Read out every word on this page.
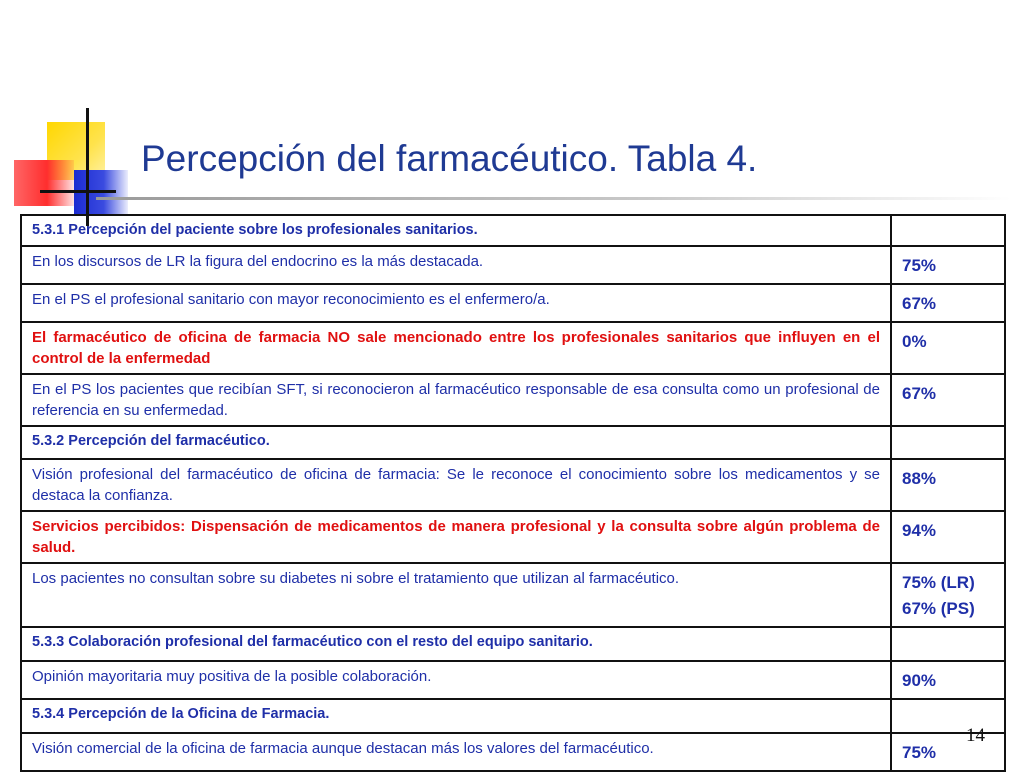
Percepción del farmacéutico. Tabla 4.
5.3.1 Percepción del paciente sobre los profesionales sanitarios.	
En los discursos de LR la figura del endocrino es la más destacada.	75%
En el PS el profesional sanitario con mayor reconocimiento es el enfermero/a.	67%
El farmacéutico de oficina de farmacia NO sale mencionado entre los profesionales sanitarios que influyen en el control de la enfermedad	0%
En el PS los pacientes que recibían SFT, si reconocieron al farmacéutico responsable de esa consulta como un profesional de referencia en su enfermedad.	67%
5.3.2 Percepción del farmacéutico.	
Visión profesional del farmacéutico de oficina de farmacia: Se le reconoce el conocimiento sobre los medicamentos y se destaca la confianza.	88%
Servicios percibidos: Dispensación de medicamentos de manera profesional y la consulta sobre algún problema de salud.	94%
Los pacientes no consultan sobre su diabetes ni sobre el tratamiento que utilizan al farmacéutico.	75% (LR)
67% (PS)

5.3.3 Colaboración profesional del farmacéutico con el resto del equipo sanitario.	
Opinión mayoritaria muy positiva de la posible colaboración.	90%
5.3.4 Percepción de la Oficina de Farmacia.	
Visión comercial de la oficina de farmacia aunque destacan más los valores del farmacéutico.	75%
14
